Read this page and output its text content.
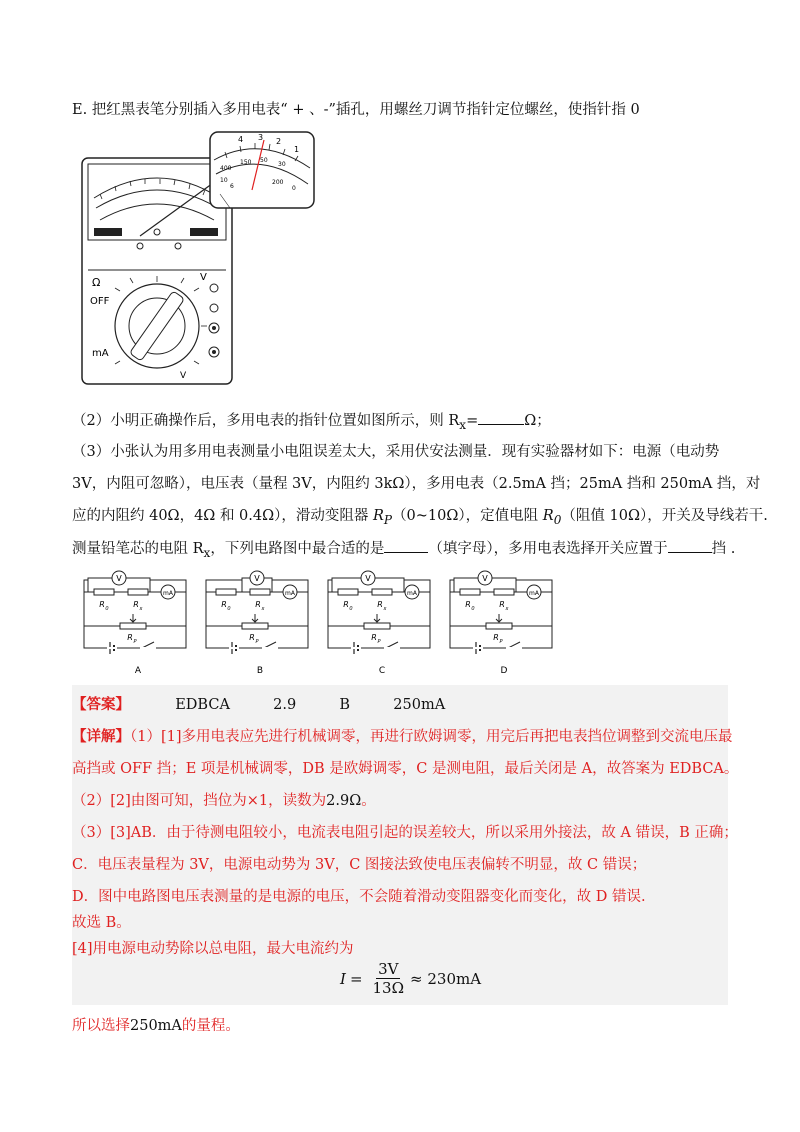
E. 把红黑表笔分别插入多用电表“ + 、-”插孔，用螺丝刀调节指针定位螺丝，使指针指 0
Ω
OFF
mA
V
V
4 3 2
1
400
150 50
30
10
6
200
0
（2）小明正确操作后，多用电表的指针位置如图所示，则 $R_x=$	Ω；
（3）小张认为用多用电表测量小电阻误差太大，采用伏安法测量．现有实验器材如下：电源（电动势
3V，内阻可忽略），电压表（量程 3V，内阻约 3kΩ），多用电表（2.5mA 挡；25mA 挡和 250mA 挡，对
应的内阻约 40Ω，4Ω 和 0.4Ω），滑动变阻器 $R_P(0\sim 10\Omega)$，定值电阻 $R_0$（阻值 10Ω），开关及导线若干.
测量铅笔芯的电阻 $R_x$，下列电路图中最合适的是	（填字母），多用电表选择开关应置于	挡 .
V
mA
R 0	R x
R P
A
V
mA
R 0	R x
R P
B
V
mA
R 0	R x
R P
C
V
mA
R 0	R x
R P
D
【答案】	EDBCA	2.9	B	250mA
【详解】（1）[1]多用电表应先进行机械调零，再进行欧姆调零，用完后再把电表挡位调整到交流电压最
高挡或 OFF 挡；E 项是机械调零，DB 是欧姆调零，C 是测电阻，最后关闭是 A，故答案为 EDBCA。
（2）[2]由图可知，挡位为×1，读数为2.9Ω。
（3）[3]AB．由于待测电阻较小，电流表电阻引起的误差较大，所以采用外接法，故 A 错误，B 正确；
C．电压表量程为 3V，电源电动势为 3V，C 图接法致使电压表偏转不明显，故 C 错误；
D．图中电路图电压表测量的是电源的电压，不会随着滑动变阻器变化而变化，故 D 错误.
故选 B。
[4]用电源电动势除以总电阻，最大电流约为
$I = \frac{3V}{13\Omega} \approx 230mA$
所以选择250mA的量程。
